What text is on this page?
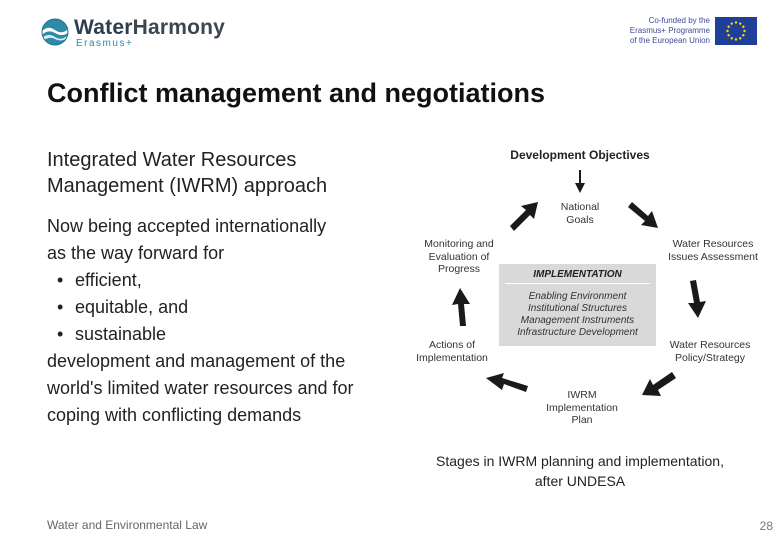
WaterHarmony
Erasmus+
Co-funded by the
Erasmus+ Programme
of the European Union
Conflict management and negotiations
Integrated Water Resources
Management (IWRM) approach
Now being accepted internationally
as the way forward for
• efficient,
• equitable, and
• sustainable
development and management of the
world's limited water resources and for
coping with conflicting demands
Development Objectives
National
Goals
Water Resources
Issues Assessment
Water Resources
Policy/Strategy
IWRM
Implementation
Plan
Actions of
Implementation
Monitoring and
Evaluation of
Progress	IMPLEMENTATION
Enabling Environment
Institutional Structures
Management Instruments
Infrastructure Development
Stages in IWRM planning and implementation,
after UNDESA
Water and Environmental Law	28
